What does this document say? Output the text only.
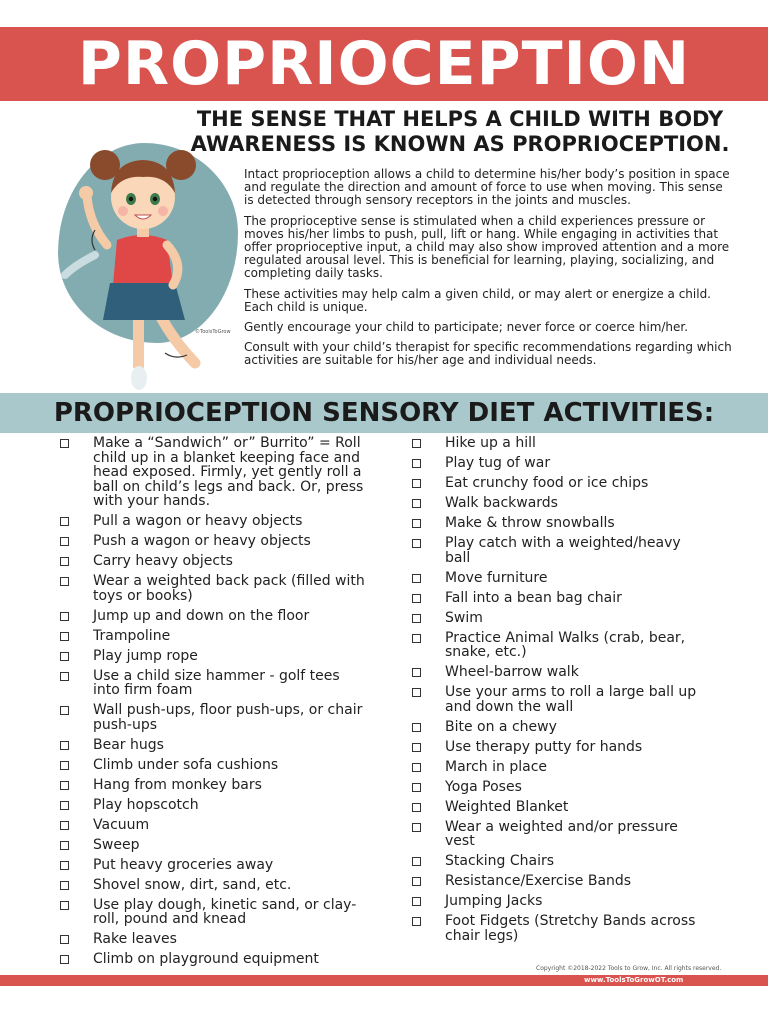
PROPRIOCEPTION
THE SENSE THAT HELPS A CHILD WITH BODY AWARENESS IS KNOWN AS PROPRIOCEPTION.
©ToolsToGrow

Intact proprioception allows a child to determine his/her body’s position in space and regulate the direction and amount of force to use when moving. This sense is detected through sensory receptors in the joints and muscles.

The proprioceptive sense is stimulated when a child experiences pressure or moves his/her limbs to push, pull, lift or hang. While engaging in activities that offer proprioceptive input, a child may also show improved attention and a more regulated arousal level. This is beneficial for learning, playing, socializing, and completing daily tasks.

These activities may help calm a given child, or may alert or energize a child. Each child is unique.

Gently encourage your child to participate; never force or coerce him/her.

Consult with your child’s therapist for specific recommendations regarding which activities are suitable for his/her age and individual needs.

PROPRIOCEPTION SENSORY DIET ACTIVITIES:
Make a “Sandwich” or” Burrito” = Roll child up in a blanket keeping face and head exposed. Firmly, yet gently roll a ball on child’s legs and back. Or, press with your hands.
Pull a wagon or heavy objects
Push a wagon or heavy objects
Carry heavy objects
Wear a weighted back pack (filled with toys or books)
Jump up and down on the floor
Trampoline
Play jump rope
Use a child size hammer - golf tees into firm foam
Wall push-ups, floor push-ups, or chair push-ups
Bear hugs
Climb under sofa cushions
Hang from monkey bars
Play hopscotch
Vacuum
Sweep
Put heavy groceries away
Shovel snow, dirt, sand, etc.
Use play dough, kinetic sand, or clay- roll, pound and knead
Rake leaves
Climb on playground equipment
Hike up a hill
Play tug of war
Eat crunchy food or ice chips
Walk backwards
Make & throw snowballs
Play catch with a weighted/heavy ball
Move furniture
Fall into a bean bag chair
Swim
Practice Animal Walks (crab, bear, snake, etc.)
Wheel-barrow walk
Use your arms to roll a large ball up and down the wall
Bite on a chewy
Use therapy putty for hands
March in place
Yoga Poses
Weighted Blanket
Wear a weighted and/or pressure vest
Stacking Chairs
Resistance/Exercise Bands
Jumping Jacks
Foot Fidgets (Stretchy Bands across chair legs)
Copyright ©2018-2022 Tools to Grow, Inc. All rights reserved.
www.ToolsToGrowOT.com
